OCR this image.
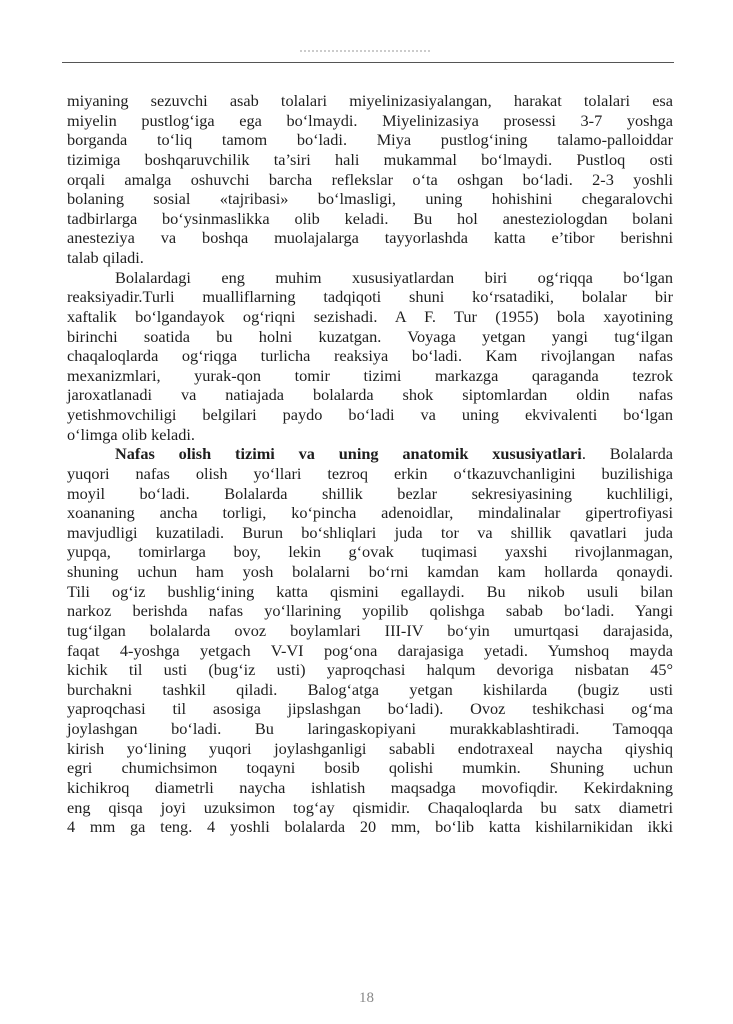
miyaning sezuvchi asab tolalari miyelinizasiyalangan, harakat tolalari esa
miyelin pustlog‘iga ega bo‘lmaydi. Miyelinizasiya prosessi 3-7 yoshga
borganda to‘liq tamom bo‘ladi. Miya pustlog‘ining talamo-palloiddar
tizimiga boshqaruvchilik ta’siri hali mukammal bo‘lmaydi. Pustloq osti
orqali amalga oshuvchi barcha reflekslar o‘ta oshgan bo‘ladi. 2-3 yoshli
bolaning sosial «tajribasi» bo‘lmasligi, uning hohishini chegaralovchi
tadbirlarga bo‘ysinmaslikka olib keladi. Bu hol anesteziologdan bolani
anesteziya va boshqa muolajalarga tayyorlashda katta e’tibor berishni
talab qiladi.
Bolalardagi eng muhim xususiyatlardan biri og‘riqqa bo‘lgan
reaksiyadir.Turli mualliflarning tadqiqoti shuni ko‘rsatadiki, bolalar bir
xaftalik bo‘lgandayok og‘riqni sezishadi. A F. Tur (1955) bola xayotining
birinchi soatida bu holni kuzatgan. Voyaga yetgan yangi tug‘ilgan
chaqaloqlarda og‘riqga turlicha reaksiya bo‘ladi. Kam rivojlangan nafas
mexanizmlari, yurak-qon tomir tizimi markazga qaraganda tezrok
jaroxatlanadi va natiajada bolalarda shok siptomlardan oldin nafas
yetishmovchiligi belgilari paydo bo‘ladi va uning ekvivalenti bo‘lgan
o‘limga olib keladi.
Nafas olish tizimi va uning anatomik xususiyatlari. Bolalarda
yuqori nafas olish yo‘llari tezroq erkin o‘tkazuvchanligini buzilishiga
moyil bo‘ladi. Bolalarda shillik bezlar sekresiyasining kuchliligi,
xoananing ancha torligi, ko‘pincha adenoidlar, mindalinalar gipertrofiyasi
mavjudligi kuzatiladi. Burun bo‘shliqlari juda tor va shillik qavatlari juda
yupqa, tomirlarga boy, lekin g‘ovak tuqimasi yaxshi rivojlanmagan,
shuning uchun ham yosh bolalarni bo‘rni kamdan kam hollarda qonaydi.
Tili og‘iz bushlig‘ining katta qismini egallaydi. Bu nikob usuli bilan
narkoz berishda nafas yo‘llarining yopilib qolishga sabab bo‘ladi. Yangi
tug‘ilgan bolalarda ovoz boylamlari III-IV bo‘yin umurtqasi darajasida,
faqat 4-yoshga yetgach V-VI pog‘ona darajasiga yetadi. Yumshoq mayda
kichik til usti (bug‘iz usti) yaproqchasi halqum devoriga nisbatan 45°
burchakni tashkil qiladi. Balog‘atga yetgan kishilarda (bugiz usti
yaproqchasi til asosiga jipslashgan bo‘ladi). Ovoz teshikchasi og‘ma
joylashgan bo‘ladi. Bu laringaskopiyani murakkablashtiradi. Tamoqqa
kirish yo‘lining yuqori joylashganligi sababli endotraxeal naycha qiyshiq
egri chumichsimon toqayni bosib qolishi mumkin. Shuning uchun
kichikroq diametrli naycha ishlatish maqsadga movofiqdir. Kekirdakning
eng qisqa joyi uzuksimon tog‘ay qismidir. Chaqaloqlarda bu satx diametri
4 mm ga teng. 4 yoshli bolalarda 20 mm, bo‘lib katta kishilarnikidan ikki
18
